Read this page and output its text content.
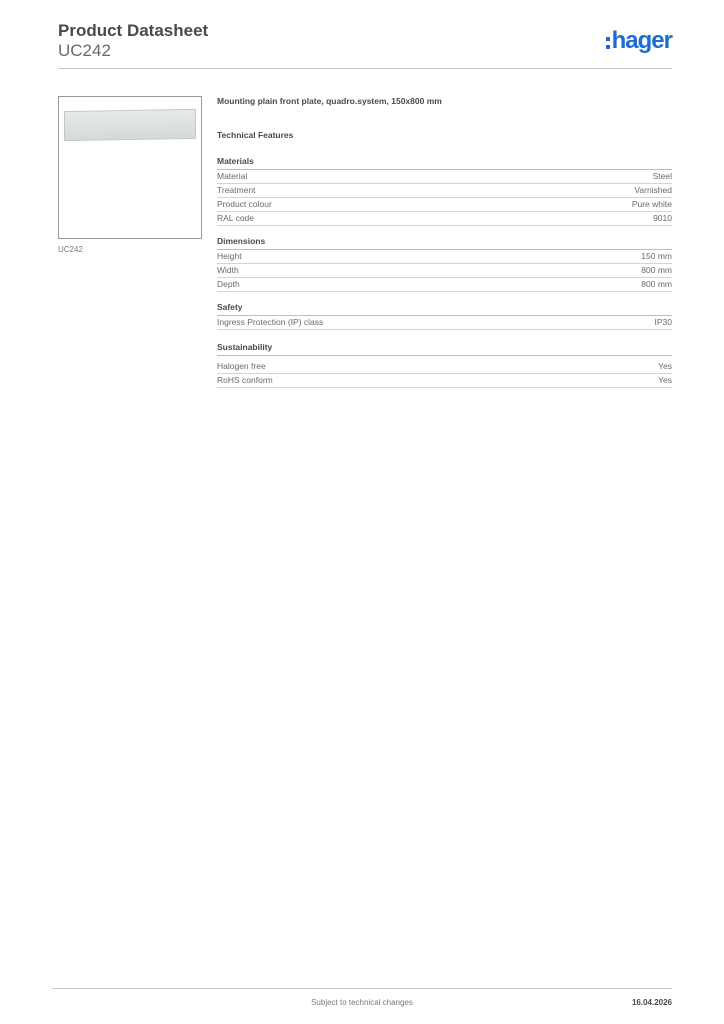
Product Datasheet
UC242	hager
UC242
Mounting plain front plate, quadro.system, 150x800 mm
Technical Features
Materials
Material	Steel
Treatment	Varnished
Product colour	Pure white
RAL code	9010
Dimensions
Height	150 mm
Width	800 mm
Depth	800 mm
Safety
Ingress Protection (IP) class	IP30
Sustainability
Halogen free	Yes
RoHS conform	Yes
Subject to technical changes	16.04.2026
